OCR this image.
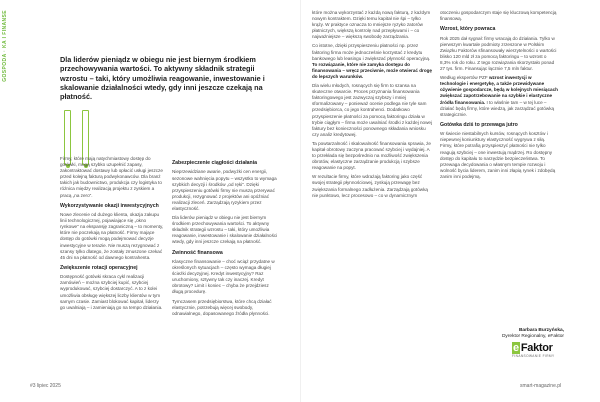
GOSPODA · KA I FINANSE	Dla liderów pieniądz w obiegu nie jest biernym środkiem przechowywania wartości. To aktywny składnik strategii wzrostu – taki, który umożliwia reagowanie, inwestowanie i skalowanie działalności wtedy, gdy inni jeszcze czekają na płatność.

Firmy, które mają natychmiastowy dostęp do gotówki, mogą szybko uzupełnić zapasy, zakontraktować dostawy lub opłacić usługi jeszcze przed kolejną fakturą podwykonawców. Dla branż takich jak budownictwo, produkcja czy logistyka to różnica między realizacją projektu z zyskiem a pracą „na zero".

Wykorzystywanie okazji inwestycyjnych

Nowe zlecenie od dużego klienta, okazja zakupu linii technologicznej, pojawiające się „okno rynkowe" na ekspansję zagraniczną – to momenty, które nie poczekają na płatność. Firmy mające dostęp do gotówki mogą podejmować decyzje inwestycyjne w terazie. Nie muszą rezygnować z szansy tylko dlatego, że zostały zmuszone czekać 45 dni na płatność od dawnego kontrahenta.

Zwiększenie rotacji operacyjnej

Dostępność gotówki skraca cykl realizacji zamówień – można szybciej kupić, szybciej wyprodukować, szybciej dostarczyć. A to z kolei umożliwia obsługę większej liczby klientów w tym samym czasie. Zamiast blokować kapitał, liderzy go uwalniają – i zamieniają go na tempo działania.

Zabezpieczenie ciągłości działania

Nieprzewidziane awarie, podwyżki cen energii, sezonowe wahnięcia popytu – wszystko to wymaga szybkich decyzji i środków „od ręki". Dzięki przyspieszeniu gotówki firmy nie muszą przerywać produkcji, rezygnować z projektów ani opóźniać realizacji zleceń. Zarządzają ryzykiem przez elastyczność.

Dla liderów pieniądz w obiegu nie jest biernym środkiem przechowywania wartości. To aktywny składnik strategii wzrostu – taki, który umożliwia reagowanie, inwestowanie i skalowanie działalności wtedy, gdy inni jeszcze czekają na płatność.

Zwinność finansowa

Klasyczne finansowanie – choć wciąż przydatne w określonych sytuacjach – często wymaga długiej ścieżki decyzyjnej. Kredyt inwestycyjny? Raz uruchomiony, sztywny tak czy inaczej. Kredyt obrotowy? Limit i koniec – chyba że przejdziesz długą procedurę.

Tymczasem przedsiębiorstwa, które chcą działać elastycznie, potrzebują więcej swobody, odnawialnego, dopasowanego źródła płynności.

które można wykorzystać z każdą nową fakturą, z każdym nowym kontraktem. Dzięki temu kapitał nie śpi – tylko krąży. W praktyce oznacza to mniejsze ryzyko zatorów płatniczych, większą kontrolę nad przepływami i – co najważniejsze – większą swobodę zarządzania.

Co istotne, dzięki przyspieszeniu płatności np. przez faktoring firma może jednocześnie korzystać z kredytu bankowego lub leasingu i zwiększać płynność operacyjną. To rozwiązanie, które nie zamyka dostępu do finansowania – wręcz przeciwnie, może otwierać drogę do lepszych warunków.

Dla wielu młodych, rosnących się firm to szansa na skuteczne otwarcie. Proces przyznania finansowania faktoringowego jest zazwyczaj szybszy i mniej sformalizowany – ponieważ ocenie podlega nie tyle sam przedsiębiorca, co jego kontrahenci. Dodatkowo przyspieszenie płatności za pomocą faktoringu działa w trybie ciągłym – firma może uwalniać środki z każdej nowej faktury bez konieczności ponownego składania wniosku czy analiz kredytowej.

Ta powtarzalność i skalowalność finansowania sprawia, że kapitał obrotowy zaczyna pracować szybciej i wydajniej. A to przekłada się bezpośrednio na możliwość zwiększenia obrotów, elastyczne zarządzanie produkcją i szybsze reagowanie na popyt.

W rezultacie firmy, które wdrażają faktoring jako część swojej strategii płynnościowej, zyskują przewagę bez zwiększania formalnego zadłużenia. Zarządzają gotówką nie punktowo, lecz procesowo – co w dynamicznym

otoczeniu gospodarczym staje się kluczową kompetencją finansową.

Wzrost, który powraca

Rok 2025 dał sygnał: firmy wracają do działania. Tylko w pierwszym kwartale podmioty zrzeszone w Polskim Związku Faktorów sfinansowały wierzytelności o wartości blisko 120 mld zł za pomocą faktoringu – to wzrost o 8,3% rok do roku. Z tego rozwiązania skorzystało ponad 27 tys. firm. Finansując łącznie 7,5 mln faktur.

Według ekspertów PZF wzrost inwestycji w technologie i energetykę, a także przewidywane ożywienie gospodarcze, będą w kolejnych miesiącach zwiększać zapotrzebowanie na szybkie i elastyczne źródła finansowania. I to właśnie tam – w tej luce – działać będą firmy, które wiedzą, jak zarządzać gotówką strategicznie.

Gotówka dziś to przewaga jutro

W świecie niestabilnych kursów, rosnących kosztów i niepewnej koniunktury elastyczność wygrywa z siłą. Firmy, które potrafią przyspieszyć płatności nie tylko reagują szybciej – one inwestują mądrzej. Ro dostępny dostęp do kapitału to narzędzie bezpieczeństwa. To przewaga decydowania o własnym tempie rozwoju i wolność bycia liderem, zanim inni złapią rynek i zdobędą zanim inni podejmą.

Barbara Burzyńska,
Dyrektor Regionalny, eFaktor
e Faktor
FINANSOWANIE FIRMY
#3 lipiec 2025	smart-magazine.pl
